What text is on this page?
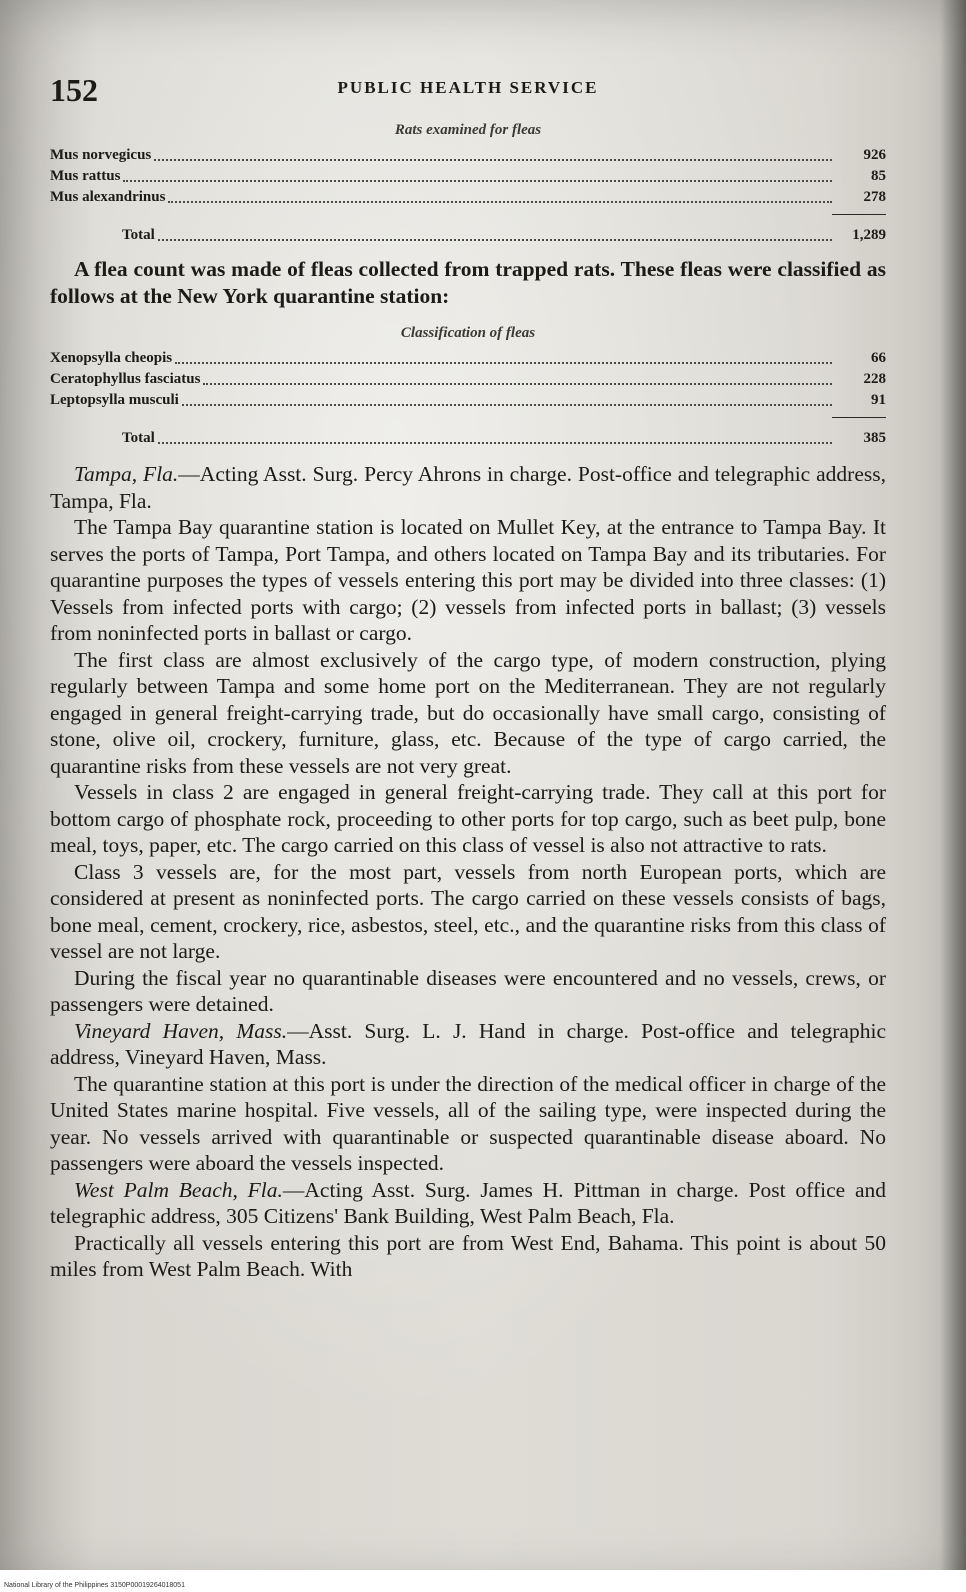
152	PUBLIC HEALTH SERVICE
Rats examined for fleas
Mus norvegicus	926
Mus rattus	85
Mus alexandrinus	278
Total	1,289

A flea count was made of fleas collected from trapped rats. These fleas were classified as follows at the New York quarantine station:

Classification of fleas
Xenopsylla cheopis	66
Ceratophyllus fasciatus	228
Leptopsylla musculi	91
Total	385

Tampa, Fla.—Acting Asst. Surg. Percy Ahrons in charge. Post-office and telegraphic address, Tampa, Fla.

The Tampa Bay quarantine station is located on Mullet Key, at the entrance to Tampa Bay. It serves the ports of Tampa, Port Tampa, and others located on Tampa Bay and its tributaries. For quarantine purposes the types of vessels entering this port may be divided into three classes: (1) Vessels from infected ports with cargo; (2) vessels from infected ports in ballast; (3) vessels from noninfected ports in ballast or cargo.

The first class are almost exclusively of the cargo type, of modern construction, plying regularly between Tampa and some home port on the Mediterranean. They are not regularly engaged in general freight-carrying trade, but do occasionally have small cargo, consisting of stone, olive oil, crockery, furniture, glass, etc. Because of the type of cargo carried, the quarantine risks from these vessels are not very great.

Vessels in class 2 are engaged in general freight-carrying trade. They call at this port for bottom cargo of phosphate rock, proceeding to other ports for top cargo, such as beet pulp, bone meal, toys, paper, etc. The cargo carried on this class of vessel is also not attractive to rats.

Class 3 vessels are, for the most part, vessels from north European ports, which are considered at present as noninfected ports. The cargo carried on these vessels consists of bags, bone meal, cement, crockery, rice, asbestos, steel, etc., and the quarantine risks from this class of vessel are not large.

During the fiscal year no quarantinable diseases were encountered and no vessels, crews, or passengers were detained.

Vineyard Haven, Mass.—Asst. Surg. L. J. Hand in charge. Post-office and telegraphic address, Vineyard Haven, Mass.

The quarantine station at this port is under the direction of the medical officer in charge of the United States marine hospital. Five vessels, all of the sailing type, were inspected during the year. No vessels arrived with quarantinable or suspected quarantinable disease aboard. No passengers were aboard the vessels inspected.

West Palm Beach, Fla.—Acting Asst. Surg. James H. Pittman in charge. Post office and telegraphic address, 305 Citizens' Bank Building, West Palm Beach, Fla.

Practically all vessels entering this port are from West End, Bahama. This point is about 50 miles from West Palm Beach. With

National Library of the Philippines 3150P00019264018051
